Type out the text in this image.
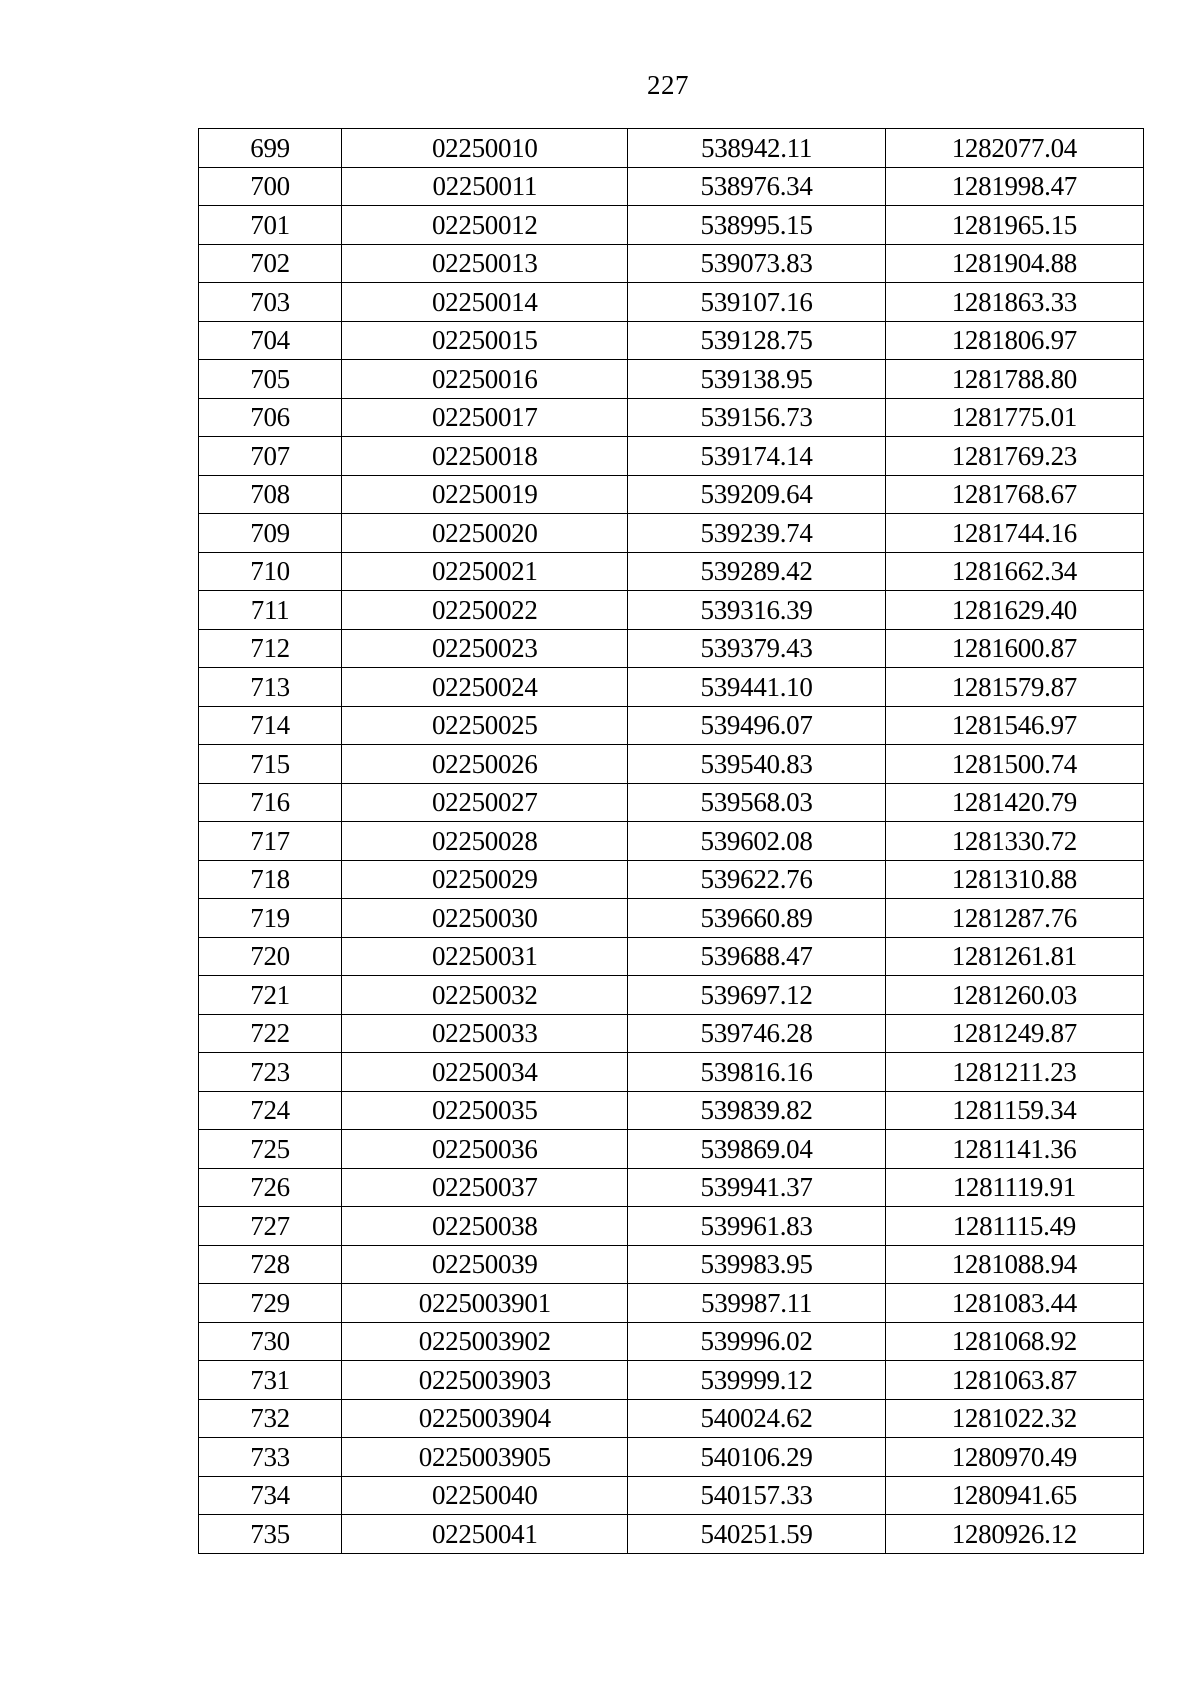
227
699	02250010	538942.11	1282077.04
700	02250011	538976.34	1281998.47
701	02250012	538995.15	1281965.15
702	02250013	539073.83	1281904.88
703	02250014	539107.16	1281863.33
704	02250015	539128.75	1281806.97
705	02250016	539138.95	1281788.80
706	02250017	539156.73	1281775.01
707	02250018	539174.14	1281769.23
708	02250019	539209.64	1281768.67
709	02250020	539239.74	1281744.16
710	02250021	539289.42	1281662.34
711	02250022	539316.39	1281629.40
712	02250023	539379.43	1281600.87
713	02250024	539441.10	1281579.87
714	02250025	539496.07	1281546.97
715	02250026	539540.83	1281500.74
716	02250027	539568.03	1281420.79
717	02250028	539602.08	1281330.72
718	02250029	539622.76	1281310.88
719	02250030	539660.89	1281287.76
720	02250031	539688.47	1281261.81
721	02250032	539697.12	1281260.03
722	02250033	539746.28	1281249.87
723	02250034	539816.16	1281211.23
724	02250035	539839.82	1281159.34
725	02250036	539869.04	1281141.36
726	02250037	539941.37	1281119.91
727	02250038	539961.83	1281115.49
728	02250039	539983.95	1281088.94
729	0225003901	539987.11	1281083.44
730	0225003902	539996.02	1281068.92
731	0225003903	539999.12	1281063.87
732	0225003904	540024.62	1281022.32
733	0225003905	540106.29	1280970.49
734	02250040	540157.33	1280941.65
735	02250041	540251.59	1280926.12
